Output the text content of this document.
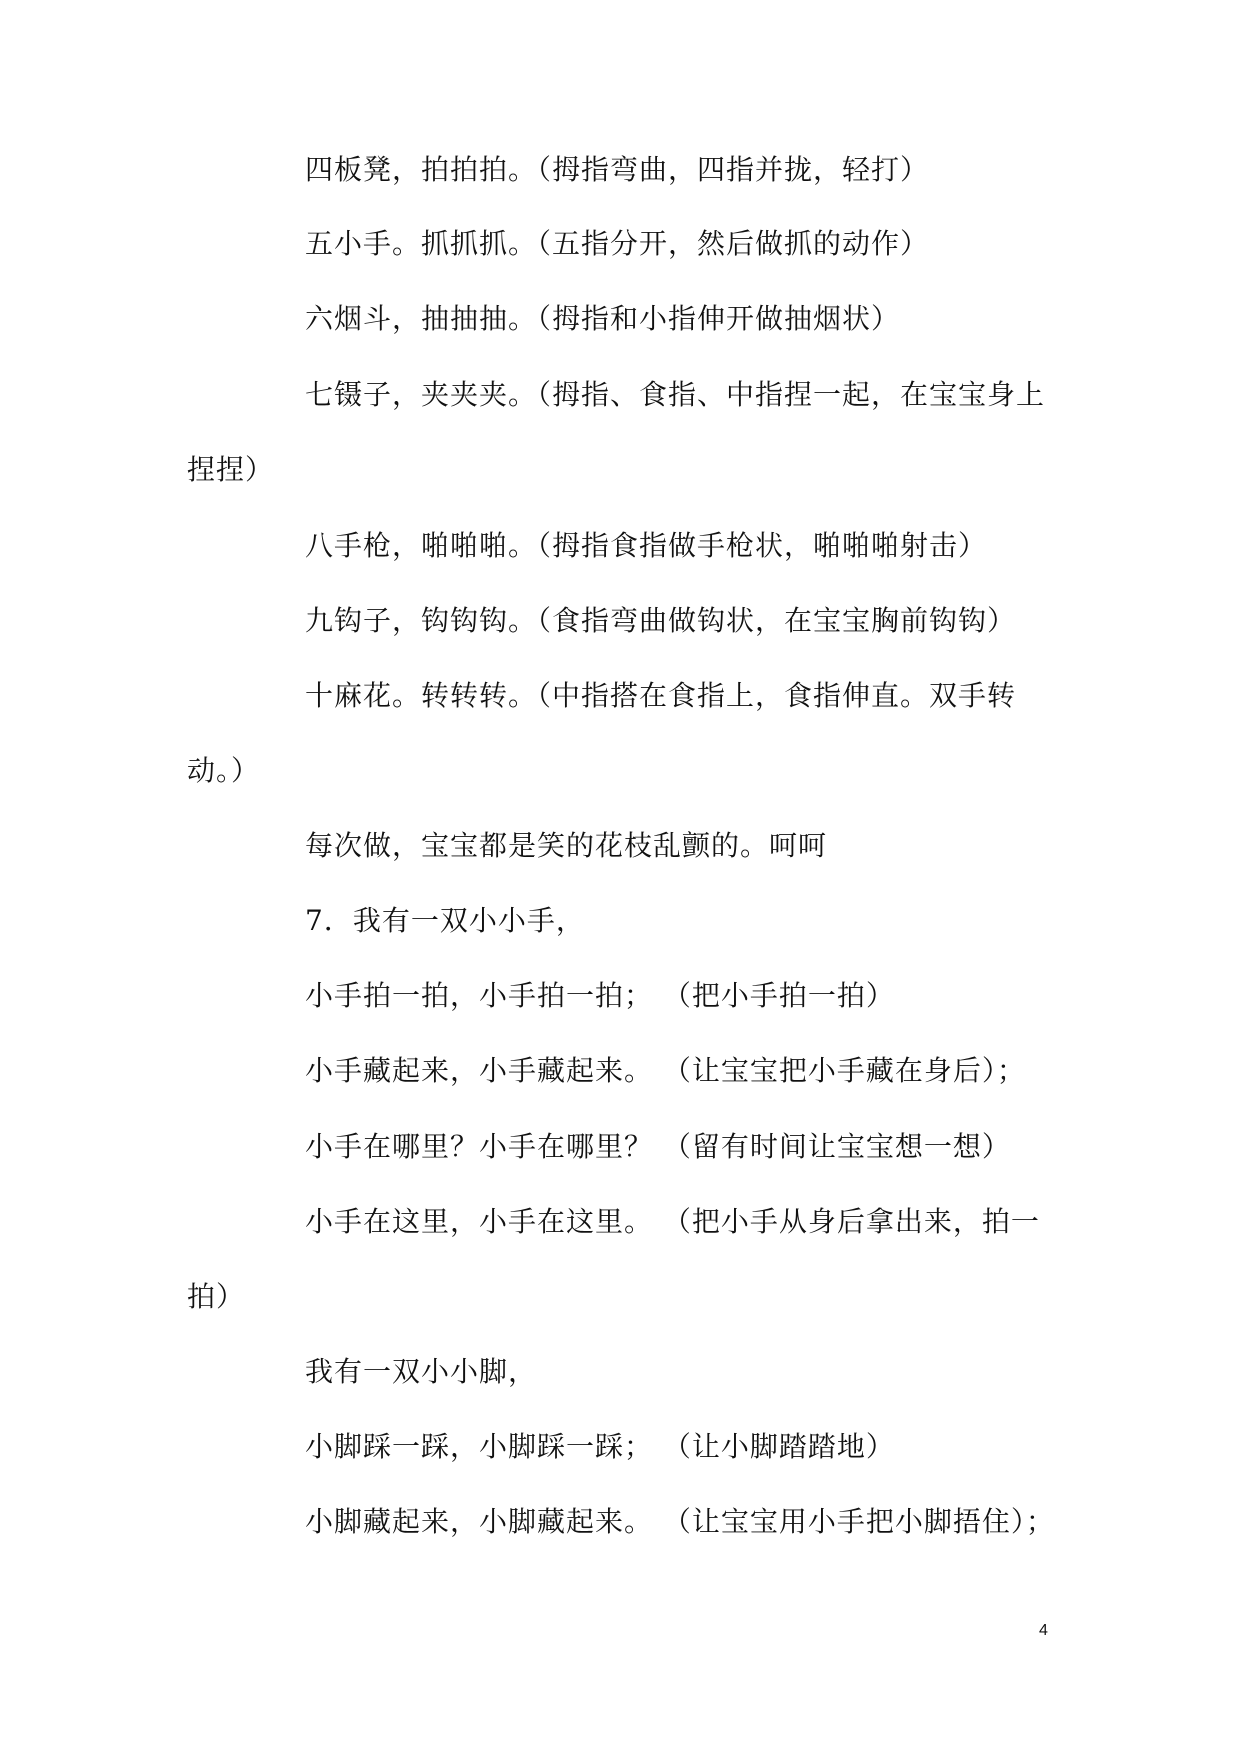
四板凳，拍拍拍。（拇指弯曲，四指并拢，轻打）
五小手。抓抓抓。（五指分开，然后做抓的动作）
六烟斗，抽抽抽。（拇指和小指伸开做抽烟状）
七镊子，夹夹夹。（拇指、食指、中指捏一起，在宝宝身上
捏捏）
八手枪，啪啪啪。（拇指食指做手枪状，啪啪啪射击）
九钩子，钩钩钩。（食指弯曲做钩状，在宝宝胸前钩钩）
十麻花。转转转。（中指搭在食指上，食指伸直。双手转
动。）
每次做，宝宝都是笑的花枝乱颤的。呵呵
7．我有一双小小手，
小手拍一拍，小手拍一拍； （把小手拍一拍）
小手藏起来，小手藏起来。 （让宝宝把小手藏在身后）；
小手在哪里？小手在哪里？ （留有时间让宝宝想一想）
小手在这里，小手在这里。 （把小手从身后拿出来，拍一
拍）
我有一双小小脚，
小脚踩一踩，小脚踩一踩； （让小脚踏踏地）
小脚藏起来，小脚藏起来。 （让宝宝用小手把小脚捂住）；
4
